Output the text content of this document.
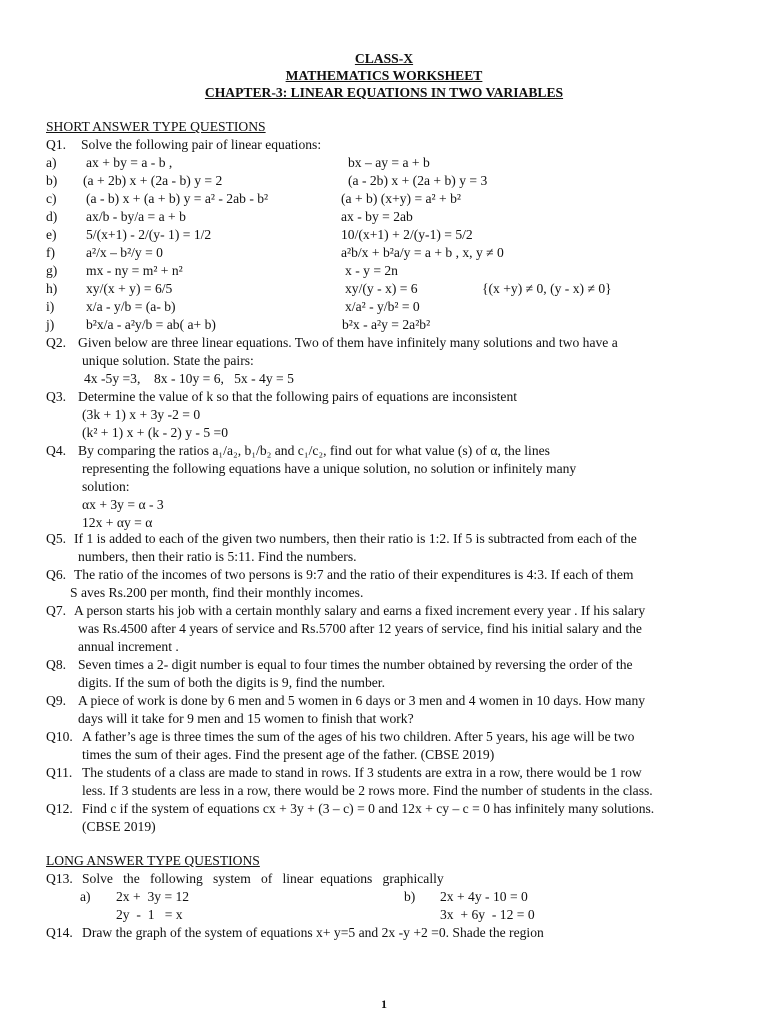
CLASS-X
MATHEMATICS WORKSHEET
CHAPTER-3: LINEAR EQUATIONS IN TWO VARIABLES
SHORT ANSWER TYPE QUESTIONS
Q1. Solve the following pair of linear equations:
a) ax + by = a - b ,	bx – ay = a + b
b) (a + 2b) x + (2a - b) y = 2	(a - 2b) x + (2a + b) y = 3
c) (a - b) x + (a + b) y = a² - 2ab - b²	(a + b) (x+y) = a² + b²
d) ax/b - by/a = a + b	ax - by = 2ab
e) 5/(x+1) - 2/(y- 1) = 1/2	10/(x+1) + 2/(y-1) = 5/2
f) a²/x – b²/y = 0	a²b/x + b²a/y = a + b , x, y ≠ 0
g) mx - ny = m² + n²	x - y = 2n
h) xy/(x + y) = 6/5	xy/(y - x) = 6	{(x +y) ≠ 0, (y - x) ≠ 0}
i) x/a - y/b = (a- b)	x/a² - y/b² = 0
j) b²x/a - a²y/b = ab( a+ b)	b²x - a²y = 2a²b²
Q2. Given below are three linear equations. Two of them have infinitely many solutions and two have a
unique solution. State the pairs:
4x -5y =3,    8x - 10y = 6,   5x - 4y = 5
Q3. Determine the value of k so that the following pairs of equations are inconsistent
(3k + 1) x + 3y -2 = 0
(k² + 1) x + (k - 2) y - 5 =0
Q4. By comparing the ratios a₁/a₂, b₁/b₂ and c₁/c₂, find out for what value (s) of α, the lines
representing the following equations have a unique solution, no solution or infinitely many
solution:
αx + 3y = α - 3
12x + αy = α
Q5. If 1 is added to each of the given two numbers, then their ratio is 1:2. If 5 is subtracted from each of the
numbers, then their ratio is 5:11. Find the numbers.
Q6. The ratio of the incomes of two persons is 9:7 and the ratio of their expenditures is 4:3. If each of them
S aves Rs.200 per month, find their monthly incomes.
Q7. A person starts his job with a certain monthly salary and earns a fixed increment every year . If his salary
was Rs.4500 after 4 years of service and Rs.5700 after 12 years of service, find his initial salary and the
annual increment .
Q8. Seven times a 2- digit number is equal to four times the number obtained by reversing the order of the
digits. If the sum of both the digits is 9, find the number.
Q9. A piece of work is done by 6 men and 5 women in 6 days or 3 men and 4 women in 10 days. How many
days will it take for 9 men and 15 women to finish that work?
Q10. A father’s age is three times the sum of the ages of his two children. After 5 years, his age will be two
times the sum of their ages. Find the present age of the father. (CBSE 2019)
Q11. The students of a class are made to stand in rows. If 3 students are extra in a row, there would be 1 row
less. If 3 students are less in a row, there would be 2 rows more. Find the number of students in the class.
Q12. Find c if the system of equations cx + 3y + (3 – c) = 0 and 12x + cy – c = 0 has infinitely many solutions.
(CBSE 2019)
LONG ANSWER TYPE QUESTIONS
Q13. Solve   the   following   system   of   linear  equations   graphically
a) 2x +  3y = 12	b) 2x + 4y - 10 = 0
2y  -  1   = x	3x  + 6y  - 12 = 0
Q14. Draw the graph of the system of equations x+ y=5 and 2x -y +2 =0. Shade the region
1
